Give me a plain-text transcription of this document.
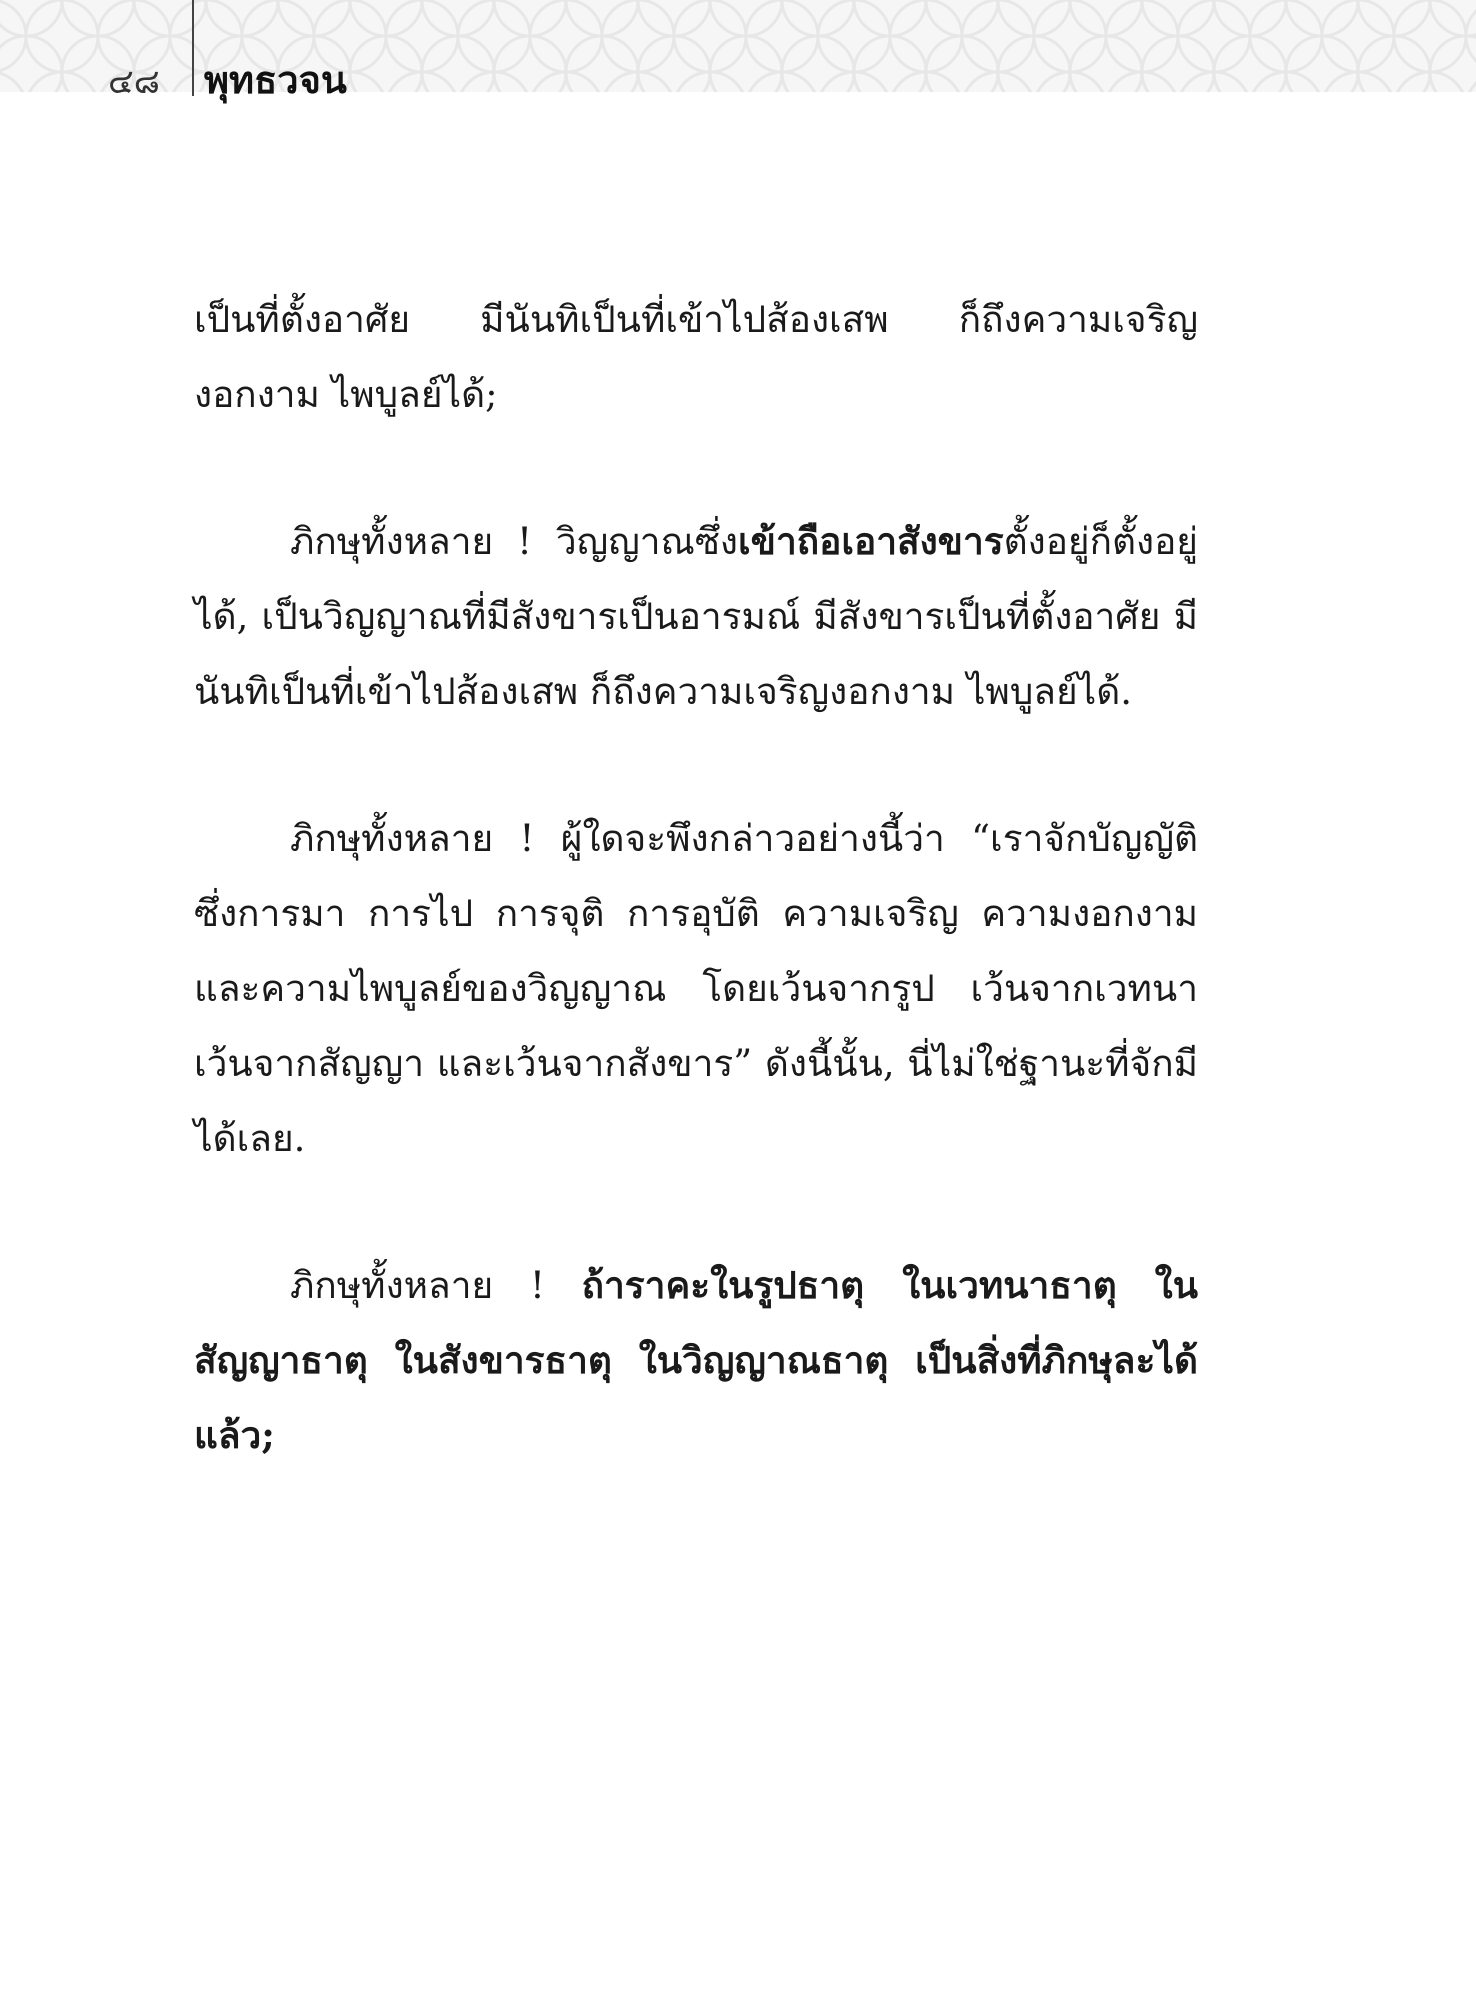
๔๘ พุทธวจน

เป็นที่ตั้งอาศัย มีนันทิเป็นที่เข้าไปส้องเสพ ก็ถึงความเจริญงอกงาม ไพบูลย์ได้;

ภิกษุทั้งหลาย ! วิญญาณซึ่งเข้าถือเอาสังขารตั้งอยู่ก็ตั้งอยู่ได้, เป็นวิญญาณที่มีสังขารเป็นอารมณ์ มีสังขารเป็นที่ตั้งอาศัย มีนันทิเป็นที่เข้าไปส้องเสพ ก็ถึงความเจริญงอกงาม ไพบูลย์ได้.

ภิกษุทั้งหลาย ! ผู้ใดจะพึงกล่าวอย่างนี้ว่า “เราจักบัญญัติ ซึ่งการมา การไป การจุติ การอุบัติ ความเจริญ ความงอกงาม และความไพบูลย์ของวิญญาณ โดยเว้นจากรูป เว้นจากเวทนา เว้นจากสัญญา และเว้นจากสังขาร” ดังนี้นั้น, นี่ไม่ใช่ฐานะที่จักมีได้เลย.

ภิกษุทั้งหลาย ! ถ้าราคะในรูปธาตุ ในเวทนาธาตุ ในสัญญาธาตุ ในสังขารธาตุ ในวิญญาณธาตุ เป็นสิ่งที่ภิกษุละได้แล้ว;
